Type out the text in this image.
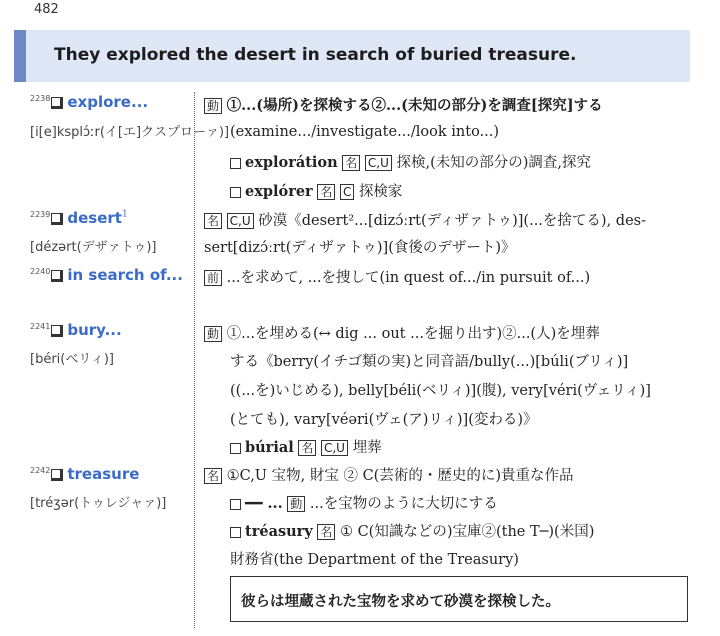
482
They explored the desert in search of buried treasure.
$^{2238}$ explore...
[i[e]ksplɔ́ːr(イ[エ]クスプローァ)]
動 ①...(場所)を探検する②...(未知の部分)を調査[探究]する
(examine.../investigate.../look into...)
explorátion 名 C,U 探検,(未知の部分の)調査,探究
explórer 名 C 探検家
$^{2239}$ desert$^1$
[dézərt(デザァトゥ)]
名 C,U 砂漠《desert²...[dizɔ́ːrt(ディザァトゥ)](...を捨てる), des-
sert[dizɔ́ːrt(ディザァトゥ)](食後のデザート)》
$^{2240}$ in search of... 前 ...を求めて, ...を捜して(in quest of.../in pursuit of...)
$^{2241}$ bury...
[béri(ベリィ)]
動 ①...を埋める(↔ dig ... out ...を掘り出す)②...(人)を埋葬
する《berry(イチゴ類の実)と同音語/bully(...)[búli(ブリィ)]
((...を)いじめる), belly[béli(ベリィ)](腹), very[véri(ヴェリィ)]
(とても), vary[véəri(ヴェ(ア)リィ)](変わる)》
búrial 名 C,U 埋葬
$^{2242}$ treasure
[tréʒər(トゥレジャァ)]
名 ①C,U 宝物, 財宝 ② C(芸術的・歴史的に)貴重な作品
━━ ... 動 ...を宝物のように大切にする
tréasury 名 ① C(知識などの)宝庫②(the T─)(米国)
財務省(the Department of the Treasury)
彼らは埋蔵された宝物を求めて砂漠を探検した。
